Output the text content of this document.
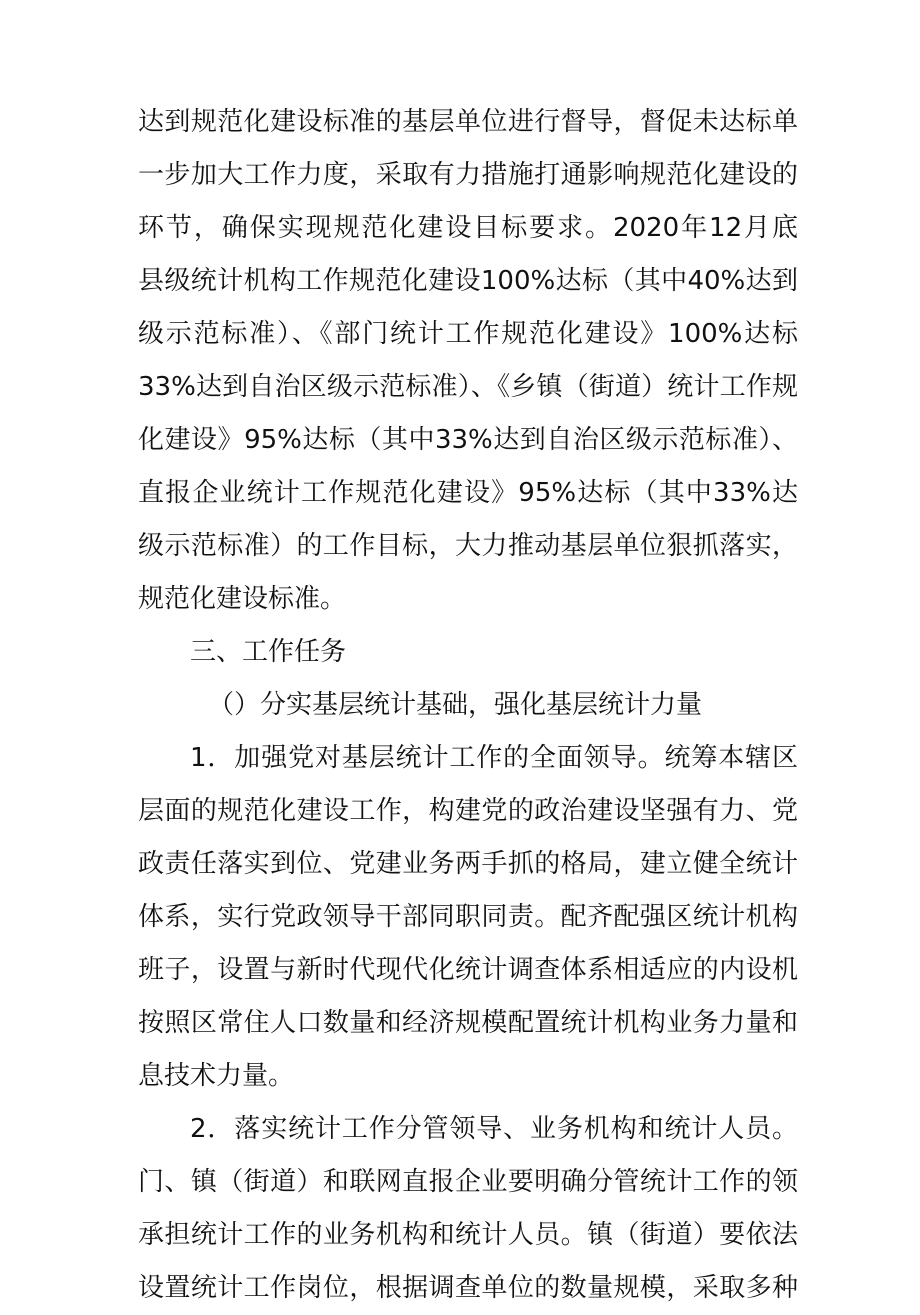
达到规范化建设标准的基层单位进行督导，督促未达标单
一步加大工作力度，采取有力措施打通影响规范化建设的
环节，确保实现规范化建设目标要求。2020年12月底
县级统计机构工作规范化建设100%达标（其中40%达到
级示范标准）、《部门统计工作规范化建设》100%达标
33%达到自治区级示范标准）、《乡镇（街道）统计工作规
化建设》95%达标（其中33%达到自治区级示范标准）、
直报企业统计工作规范化建设》95%达标（其中33%达
级示范标准）的工作目标，大力推动基层单位狠抓落实，
规范化建设标准。
三、工作任务
（）分实基层统计基础，强化基层统计力量
1．加强党对基层统计工作的全面领导。统筹本辖区
层面的规范化建设工作，构建党的政治建设坚强有力、党
政责任落实到位、党建业务两手抓的格局，建立健全统计
体系，实行党政领导干部同职同责。配齐配强区统计机构
班子，设置与新时代现代化统计调查体系相适应的内设机
按照区常住人口数量和经济规模配置统计机构业务力量和
息技术力量。
2．落实统计工作分管领导、业务机构和统计人员。
门、镇（街道）和联网直报企业要明确分管统计工作的领
承担统计工作的业务机构和统计人员。镇（街道）要依法
设置统计工作岗位，根据调查单位的数量规模，采取多种
